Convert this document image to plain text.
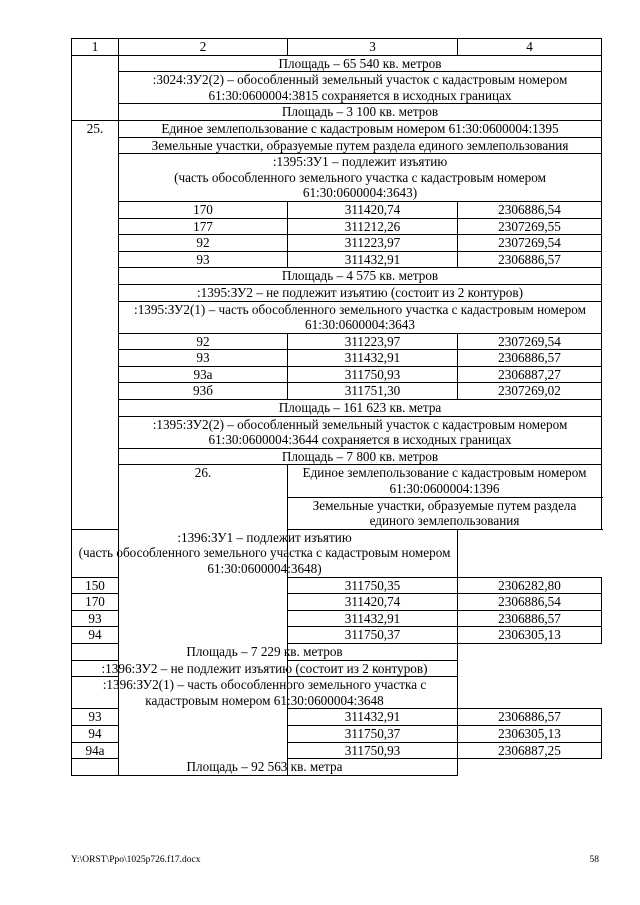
1	2	3	4
	Площадь – 65 540 кв. метров		
	:3024:ЗУ2(2) – обособленный земельный участок с кадастровым номером 61:30:0600004:3815 сохраняется в исходных границах		
	Площадь – 3 100 кв. метров		
25.	Единое землепользование с кадастровым номером 61:30:0600004:1395		
	Земельные участки, образуемые путем раздела единого землепользования		

	:1395:ЗУ1 – подлежит изъятию
(часть обособленного земельного участка с кадастровым номером 61:30:0600004:3643)		

	170	311420,74	2306886,54
	177	311212,26	2307269,55
	92	311223,97	2307269,54
	93	311432,91	2306886,57
	Площадь – 4 575 кв. метров		
	:1395:ЗУ2 – не подлежит изъятию (состоит из 2 контуров)		
	:1395:ЗУ2(1) – часть обособленного земельного участка с кадастровым номером 61:30:0600004:3643		
	92	311223,97	2307269,54
	93	311432,91	2306886,57
	93а	311750,93	2306887,27
	93б	311751,30	2307269,02
	Площадь – 161 623 кв. метра		
	:1395:ЗУ2(2) – обособленный земельный участок с кадастровым номером 61:30:0600004:3644 сохраняется в исходных границах		
	Площадь – 7 800 кв. метров		
	26.	Единое землепользование с кадастровым номером 61:30:0600004:1396	
		Земельные участки, образуемые путем раздела единого землепользования	

:1396:ЗУ1 – подлежит изъятию
(часть обособленного земельного участка с кадастровым номером 61:30:0600004:3648)			

150		311750,35	2306282,80
170		311420,74	2306886,54
93		311432,91	2306886,57
94		311750,37	2306305,13
Площадь – 7 229 кв. метров			
:1396:ЗУ2 – не подлежит изъятию (состоит из 2 контуров)			
:1396:ЗУ2(1) – часть обособленного земельного участка с кадастровым номером 61:30:0600004:3648			
93		311432,91	2306886,57
94		311750,37	2306305,13
94а		311750,93	2306887,25
Площадь – 92 563 кв. метра			
Y:\ORST\Ppo\1025p726.f17.docx	58
